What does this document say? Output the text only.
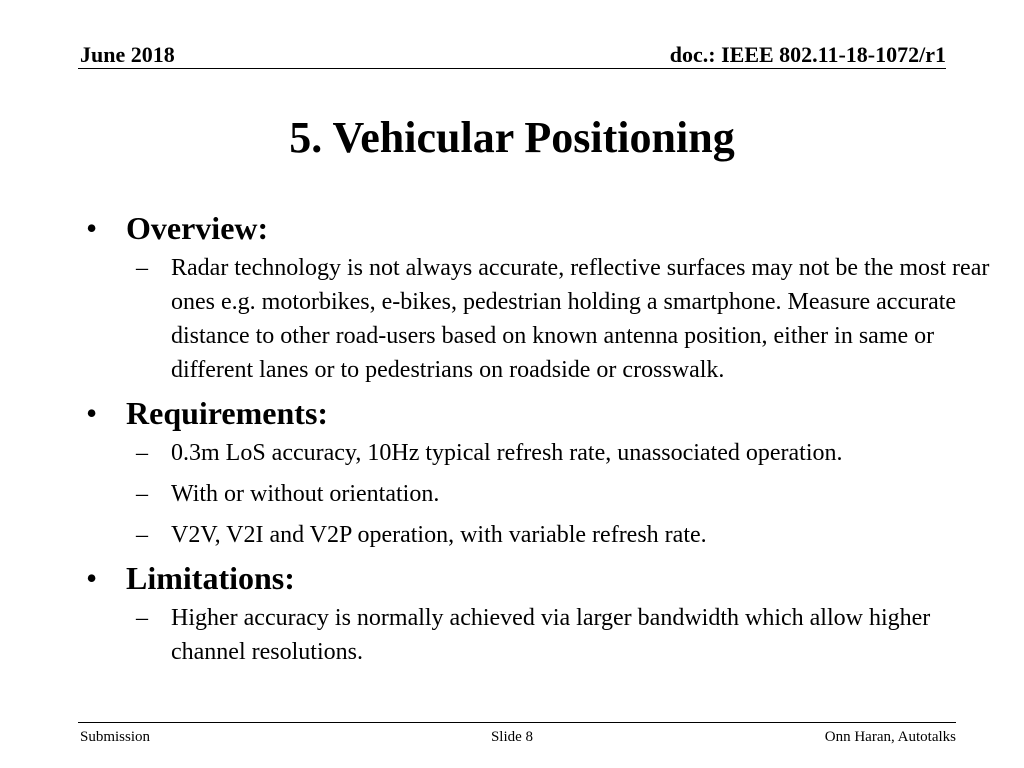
June 2018	doc.: IEEE 802.11-18-1072/r1
5. Vehicular Positioning
• Overview:
– Radar technology is not always accurate, reflective surfaces may not be the most rear ones e.g. motorbikes, e-bikes, pedestrian holding a smartphone. Measure accurate distance to other road-users based on known antenna position, either in same or different lanes or to pedestrians on roadside or crosswalk.
• Requirements:
– 0.3m LoS accuracy, 10Hz typical refresh rate, unassociated operation.
– With or without orientation.
– V2V, V2I and V2P operation, with variable refresh rate.
• Limitations:
– Higher accuracy is normally achieved via larger bandwidth which allow higher channel resolutions.
Submission	Slide 8	Onn Haran, Autotalks
